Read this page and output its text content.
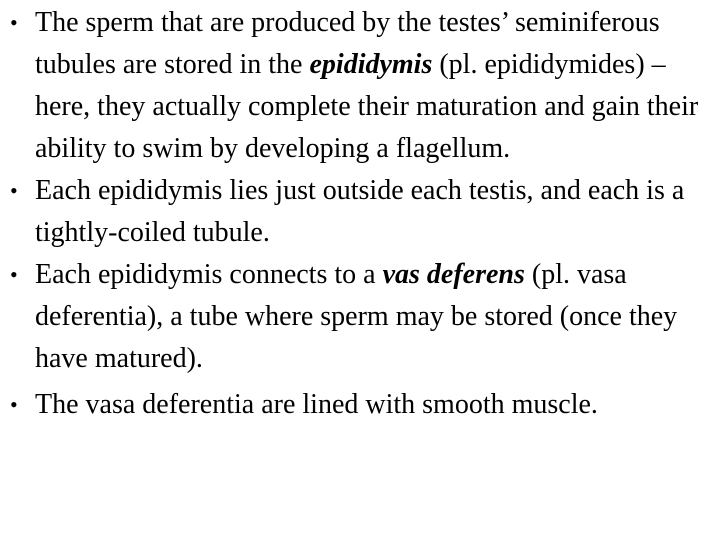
• The sperm that are produced by the testes’ seminiferous tubules are stored in the epididymis (pl. epididymides) – here, they actually complete their maturation and gain their ability to swim by developing a flagellum.
• Each epididymis lies just outside each testis, and each is a tightly-coiled tubule.
• Each epididymis connects to a vas deferens (pl. vasa deferentia), a tube where sperm may be stored (once they have matured).
• The vasa deferentia are lined with smooth muscle.
